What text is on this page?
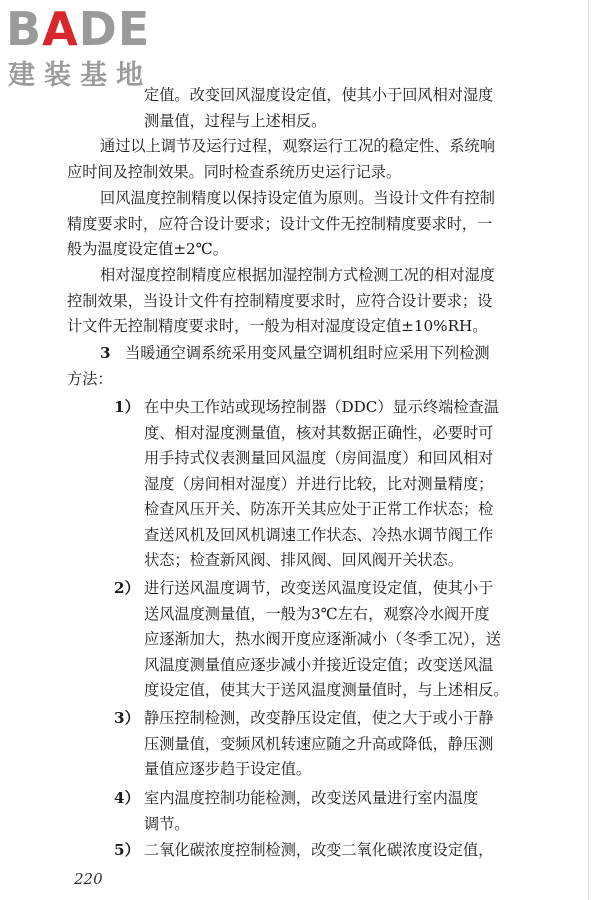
BADE
建装基地
定值。改变回风湿度设定值，使其小于回风相对湿度
测量值，过程与上述相反。
通过以上调节及运行过程，观察运行工况的稳定性、系统响
应时间及控制效果。同时检查系统历史运行记录。
回风温度控制精度以保持设定值为原则。当设计文件有控制
精度要求时，应符合设计要求；设计文件无控制精度要求时，一
般为温度设定值±2℃。
相对湿度控制精度应根据加湿控制方式检测工况的相对湿度
控制效果，当设计文件有控制精度要求时，应符合设计要求；设
计文件无控制精度要求时，一般为相对湿度设定值±10%RH。
3 当暖通空调系统采用变风量空调机组时应采用下列检测
方法：
1） 在中央工作站或现场控制器（DDC）显示终端检查温
度、相对湿度测量值，核对其数据正确性，必要时可
用手持式仪表测量回风温度（房间温度）和回风相对
湿度（房间相对湿度）并进行比较，比对测量精度；
检查风压开关、防冻开关其应处于正常工作状态；检
查送风机及回风机调速工作状态、冷热水调节阀工作
状态；检查新风阀、排风阀、回风阀开关状态。
2） 进行送风温度调节，改变送风温度设定值，使其小于
送风温度测量值，一般为3℃左右，观察冷水阀开度
应逐渐加大，热水阀开度应逐渐减小（冬季工况），送
风温度测量值应逐步减小并接近设定值；改变送风温
度设定值，使其大于送风温度测量值时，与上述相反。
3） 静压控制检测，改变静压设定值，使之大于或小于静
压测量值，变频风机转速应随之升高或降低，静压测
量值应逐步趋于设定值。
4） 室内温度控制功能检测，改变送风量进行室内温度
调节。
5） 二氧化碳浓度控制检测，改变二氧化碳浓度设定值，
220
